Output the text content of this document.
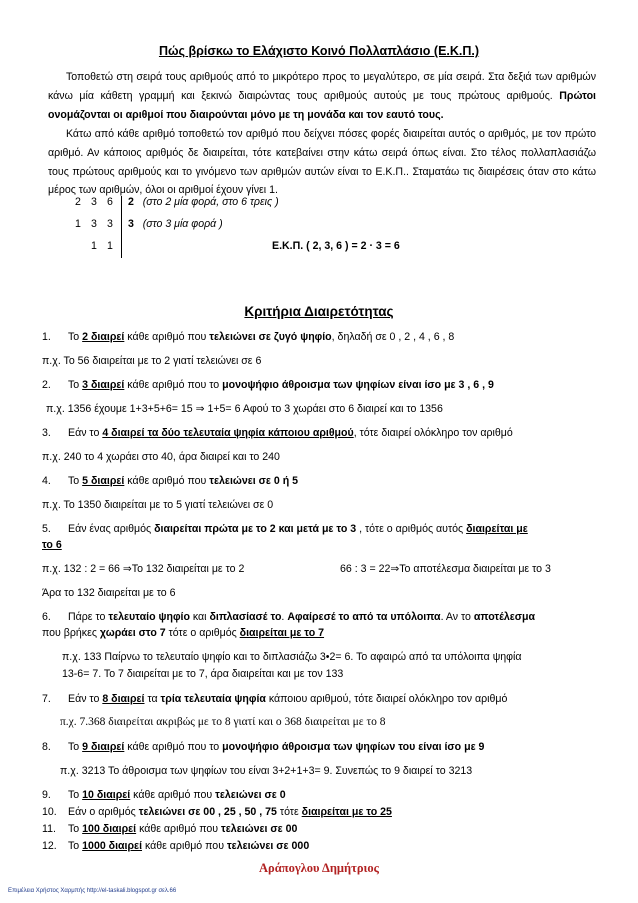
Πώς βρίσκω το Ελάχιστο Κοινό Πολλαπλάσιο (Ε.Κ.Π.)
Τοποθετώ στη σειρά τους αριθμούς από το μικρότερο προς το μεγαλύτερο, σε μία σειρά. Στα δεξιά των αριθμών κάνω μία κάθετη γραμμή και ξεκινώ διαιρώντας τους αριθμούς αυτούς με τους πρώτους αριθμούς. Πρώτοι ονομάζονται οι αριθμοί που διαιρούνται μόνο με τη μονάδα και τον εαυτό τους.
Κάτω από κάθε αριθμό τοποθετώ τον αριθμό που δείχνει πόσες φορές διαιρείται αυτός ο αριθμός, με τον πρώτο αριθμό. Αν κάποιος αριθμός δε διαιρείται, τότε κατεβαίνει στην κάτω σειρά όπως είναι. Στο τέλος πολλαπλασιάζω τους πρώτους αριθμούς και το γινόμενο των αριθμών αυτών είναι το Ε.Κ.Π.. Σταματάω τις διαιρέσεις όταν στο κάτω μέρος των αριθμών, όλοι οι αριθμοί έχουν γίνει 1.
2 3 6	2 (στο 2 μία φορά, στο 6 τρεις )
1 3 3	3 (στο 3 μία φορά )
1 1	Ε.Κ.Π. ( 2, 3, 6 ) = 2 · 3 = 6
Κριτήρια Διαιρετότητας
1. Το 2 διαιρεί κάθε αριθμό που τελειώνει σε ζυγό ψηφίο, δηλαδή σε 0 , 2 , 4 , 6 , 8
π.χ. Το 56 διαιρείται με το 2 γιατί τελειώνει σε 6
2. Το 3 διαιρεί κάθε αριθμό που το μονοψήφιο άθροισμα των ψηφίων είναι ίσο με 3 , 6 , 9
π.χ. 1356 έχουμε 1+3+5+6= 15 ⇒ 1+5= 6 Αφού το 3 χωράει στο 6 διαιρεί και το 1356
3. Εάν το 4 διαιρεί τα δύο τελευταία ψηφία κάποιου αριθμού, τότε διαιρεί ολόκληρο τον αριθμό
π.χ. 240 το 4 χωράει στο 40, άρα διαιρεί και το 240
4. Το 5 διαιρεί κάθε αριθμό που τελειώνει σε 0 ή 5
π.χ. Το 1350 διαιρείται με το 5 γιατί τελειώνει σε 0
5. Εάν ένας αριθμός διαιρείται πρώτα με το 2 και μετά με το 3 , τότε ο αριθμός αυτός διαιρείται με
το 6
π.χ. 132 : 2 = 66 ⇒Το 132 διαιρείται με το 2	66 : 3 = 22⇒Το αποτέλεσμα διαιρείται με το 3
Άρα το 132 διαιρείται με το 6
6. Πάρε το τελευταίο ψηφίο και διπλασίασέ το. Αφαίρεσέ το από τα υπόλοιπα. Αν το αποτέλεσμα
που βρήκες χωράει στο 7 τότε ο αριθμός διαιρείται με το 7
π.χ. 133 Παίρνω το τελευταίο ψηφίο και το διπλασιάζω 3•2= 6. Το αφαιρώ από τα υπόλοιπα ψηφία
13-6= 7. Το 7 διαιρείται με το 7, άρα διαιρείται και με τον 133
7. Εάν το 8 διαιρεί τα τρία τελευταία ψηφία κάποιου αριθμού, τότε διαιρεί ολόκληρο τον αριθμό
π.χ. 7.368 διαιρείται ακριβώς με το 8 γιατί και ο 368 διαιρείται με το 8
8. Το 9 διαιρεί κάθε αριθμό που το μονοψήφιο άθροισμα των ψηφίων του είναι ίσο με 9
π.χ. 3213 Το άθροισμα των ψηφίων του είναι 3+2+1+3= 9. Συνεπώς το 9 διαιρεί το 3213
9. Το 10 διαιρεί κάθε αριθμό που τελειώνει σε 0
10. Εάν ο αριθμός τελειώνει σε 00 , 25 , 50 , 75 τότε διαιρείται με το 25
11. Το 100 διαιρεί κάθε αριθμό που τελειώνει σε 00
12. Το 1000 διαιρεί κάθε αριθμό που τελειώνει σε 000
Αράπογλου Δημήτριος
Επιμέλεια Χρήστος Χαρμπής http://el-taskali.blogspot.gr σελ.66
